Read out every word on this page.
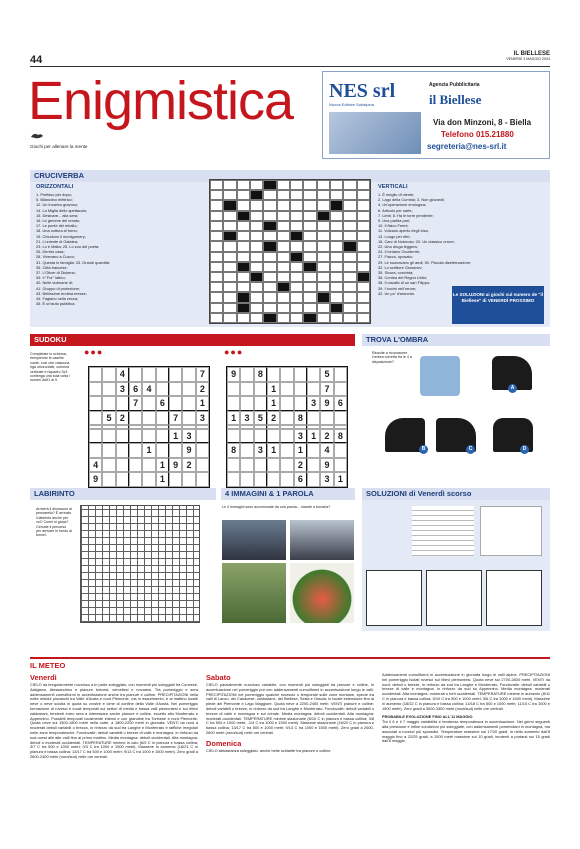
44	IL BIELLESE
VENERDÌ 3 MAGGIO 2024
Enigmistica
Giochi per allenare la mente
NES srl
Nuova Editrice Subalpina
Agenzia Pubblicitaria
il Biellese
Via don Minzoni, 8 - Biella
Telefono 015.21880
segreteria@nes-srl.it
CRUCIVERBA
ORIZZONTALI
1. Prefisso per dopo;
5. Bilanciino elettrico;
12. Un incarico gravoso;
14. La Miglia dello spettacolo;
15. Desinare... alla sera;
16. Le gemme del creato;
17. Le punte del mirallo;
18. Una cottura al forno;
19. Chiudono il montgomery;
21. L'uniente di Galatea;
23. Lo è Malta; 25. Lo zoo del poeta;
26. Dentro casa;
28. Vivevano a Cuzco;
31. Questa in famiglia; 33. Grandi quantità;
35. Città francese;
37. L'Oliver di Dickens;
39. Il "For" latino;
40. Nelle violinane di;
41. Gruppo di protezione;
43. Bellissime erotina eresse;
44. Fagiano nella zecca;
45. È un'auto pubblica.
VERTICALI
1. È meglio di niente;
2. Lago della Cumbia; 3. Non giovanili;
4. Un'operazione enologica;
6. Articolo per sarte;
7. Limit; 8. Ha le torre pendente;
9. Una partita pari;
10. Il fisico Fermi;
11. Vulcano aperto degli Usa;
13. Luogo per ritiri;
18. Carv di Notoroso; 20. Un classico orrore;
22. Una droga leggera;
24. Il lontano Occidente;
27. Fiacco, sposato;
29. Le suonavano gli aedi; 30. Piccola diseternazione;
32. Lo scrittore Grossnev;
35. Sicura, convinta;
36. Contea del Regno Unito;
38. Il cavallo di un san Filippo;
39. I bovini nell'orrore;
42. Un po' d'armonia.	Le SOLUZIONI ai giochi sul numero de "il Biellese" di VENERDÌ PROSSIMO
SUDOKU
Completate lo schema, riempiendo le caselle vuote, così che ciascuna riga orizzontale, colonna verticale e riquadro 3x3 contenga una sola volta i numeri dall'1 al 9.
●●●	●●●
4	7
3 6 4	2
7	6	1
5 2	7	3
1 3
1	9
4	1 9 2
9	1
9	8	5
1	7
1	3 9 6
1 3 5 2	8
3 1 2 8
8	3 1	1	4
2	9
6	3 1
TROVA L'OMBRA
Riuscite a riconoscere l'ombra corretta fra le 4 a disposizione?
A
B	C	D
LABIRINTO
Arriverà il dinosauro al pennarello? È arrivato il labirinto anche per voi? Come si gioca? Cercate il percorso per arrivare in fondo al tunnel.
4 IMMAGINI & 1 PAROLA
Le 4 immagini sono accomunate da una parola... riuscite a trovarla?
SOLUZIONI di Venerdì scorso
IL METEO
Venerdì
CIELO da irregolarmente nuvoloso a in parte soleggiato, con momenti più soleggiati fra Cuneese, Astigiano, Alessandrino e pianure torinesi, vercellesi e novaresi. Tra pomeriggio e sera addensamenti cumuliformi in accentuazione anche tra pianure e colline. PRECIPITAZIONI nella notte residui piovaschi tra Valle d'Aosta e nord Piemonte, ma in esaurimento, e al mattino locale neve o neve sciolta in quota su crostre e cime di confine della Valle d'Aosta. Nel pomeriggio formazione di rovesci e locali temporali sui settori di media e bassa valli piemontesi e sui rilievi valdostani, tendenti entro sera a interessare anche pianure e colline, eccetto alto Monferrato e Appennino. Possibili temporali localmente intensi e con grandine tra Torinese e nord Piemonte. Quota neve sui 1500-1800 metri nella notte, a 1800-2200 metri in giornata. VENTI da nord a moderati deboli variabili o brezza, in rinforzo da sud tra Langhe e Monferrato e raffiche irregolari nelle zone temporalesche. Fondovalle: deboli variabili o brezze di valle e montagna, in rinforzo da sud-ovest alle alte valli fino al primo mattino. Media montagna: deboli occidentali. Alta montagna: deboli o moderati occidentali. TEMPERATURE minime in calo (6/9 C in pianura e bassa collina; 3/7 C tra 500 e 1000 metri; 0/3 C tra 1000 e 1500 metri). Massime in aumento (16/21 C in pianura e bassa collina; 13/17 C tra 500 e 1000 metri; 9/13 C tra 1000 e 1500 metri). Zero gradi a 2600-2400 metri (nord/sud) nelle ore centrali.
Sabato
CIELO parzialmente nuvoloso variabile, con momenti più soleggiati tra pianure e colline, in accentuazione nel pomeriggio pur con addensamenti cumuliformi in accentuazione lungo le valli. PRECIPITAZIONI nel pomeriggio qualche rovescio o temporale sulle zone montane, specie tra valli di Lanzo, del Canavese, valdostane, del Biellese, Sesia e Ossola, in locale estensione fino al piede del Piemonte e Lago Maggiore. Quota neve a 2200-2400 metri. VENTI pianure e colline: deboli variabili o brezze, in rinforzo da sud tra Langhe e Monferrato. Fondovalle: deboli variabili o brezze di valle e montagna e sul crinale. Media montagna: deboli occidentali. Alta montagna: moderati occidentali. TEMPERATURE minime stazionarie (6/10 C in pianura e bassa collina; 3/8 C tra 500 e 1000 metri; -1/4 C tra 1000 e 1500 metri). Massime stazionarie (16/20 C in pianura e bassa collina; 13/17 C tra 500 e 1000 metri; 9/13 C tra 1000 e 1500 metri). Zero gradi a 2600-2800 metri (nord/sud) nelle ore centrali.
Domenica
CIELO abbastanza soleggiato, anche belle schiarite tra pianure e colline.
Addensamenti cumuliformi in accentuazione in giornata lungo le valli alpine. PRECIPITAZIONI nel pomeriggio isolati rovesci sui rilievi piemontesi. Quota neve sui 2700-2800 metri. VENTI da nord: deboli o brezze, in rinforzo da sud tra Langhe e Monferrato. Fondovalle: deboli variabili o brezze di valle e montagna, in rinforzo da sud su Appennino. Media montagna: moderati occidentali. Alta montagna: moderati o forti occidentali. TEMPERATURE minime in aumento (8/11 C in pianura e bassa collina; 5/10 C tra 500 e 1000 metri; 3/6 C tra 1000 e 1500 metri). Massime in aumento (18/22 C in pianura e bassa collina; 14/18 C tra 500 e 1000 metri; 11/15 C tra 1000 e 1500 metri). Zero gradi a 3000-3300 metri (nord/sud) nelle ore centrali.
PROBABILE EVOLUZIONE FINO ALL'11 MAGGIO
Tra il 6 e il 7 maggio variabilità e tendenza temporalesca in accentuazione. Nei giorni seguenti alta pressione e infine condizioni più soleggiate, con addensamenti pomeridiani in montagna, ma associati a rovesci più sporadici. Temperature massime sui 17/20 gradi, in netto aumento dall'8 maggio fino a 22/25 gradi, a 1500 metri massime sui 10 gradi, tendenti a portarsi sui 15 gradi dall'8 maggio.
